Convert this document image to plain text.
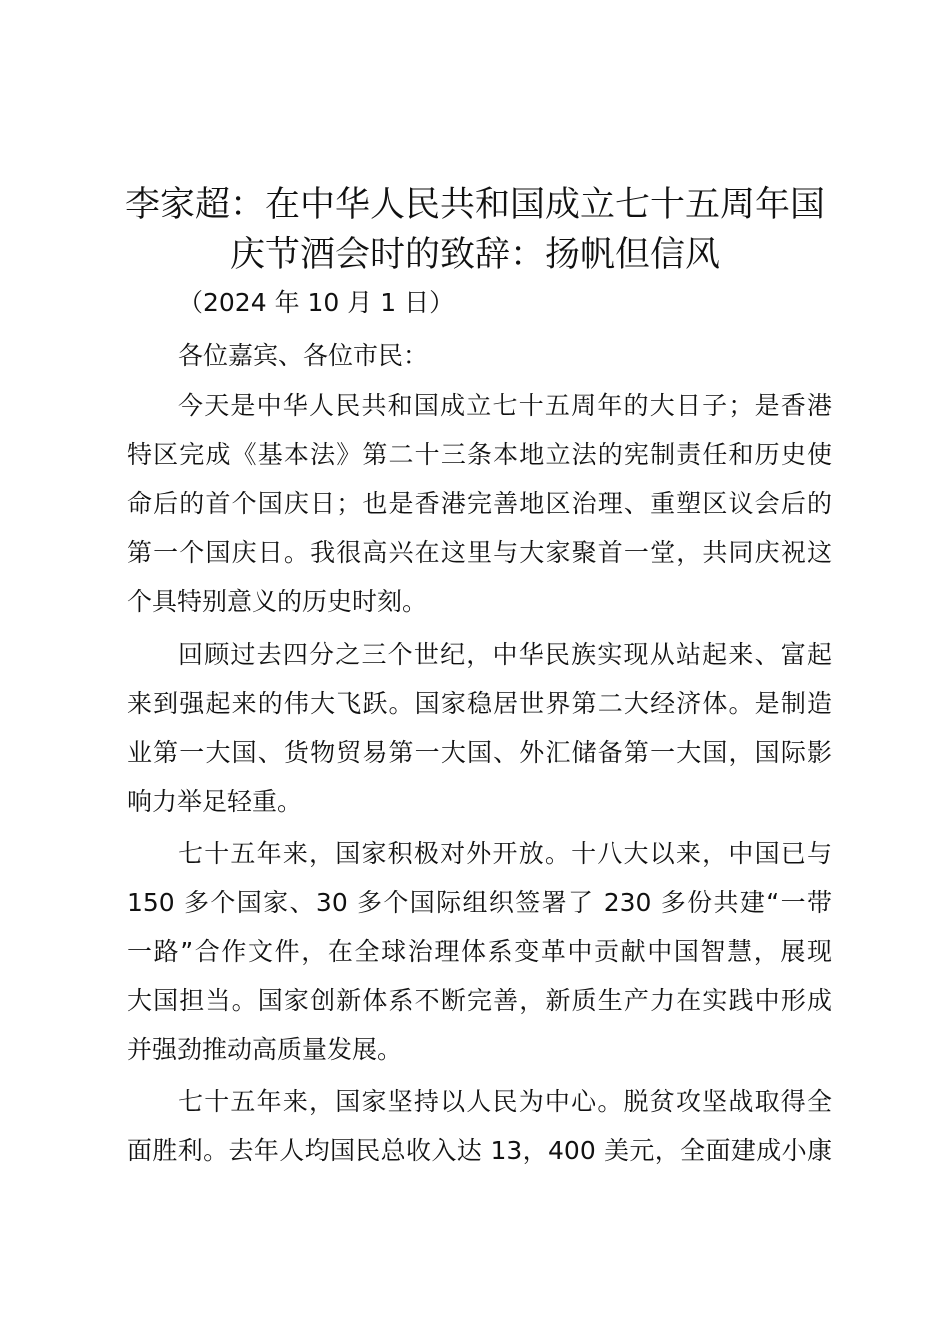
李家超：在中华人民共和国成立七十五周年国
庆节酒会时的致辞：扬帆但信风
（2024 年 10 月 1 日）
各位嘉宾、各位市民：
今天是中华人民共和国成立七十五周年的大日子；是香港
特区完成《基本法》第二十三条本地立法的宪制责任和历史使
命后的首个国庆日；也是香港完善地区治理、重塑区议会后的
第一个国庆日。我很高兴在这里与大家聚首一堂，共同庆祝这
个具特别意义的历史时刻。
回顾过去四分之三个世纪，中华民族实现从站起来、富起
来到强起来的伟大飞跃。国家稳居世界第二大经济体。是制造
业第一大国、货物贸易第一大国、外汇储备第一大国，国际影
响力举足轻重。
七十五年来，国家积极对外开放。十八大以来，中国已与
150 多个国家、30 多个国际组织签署了 230 多份共建“一带
一路”合作文件，在全球治理体系变革中贡献中国智慧，展现
大国担当。国家创新体系不断完善，新质生产力在实践中形成
并强劲推动高质量发展。
七十五年来，国家坚持以人民为中心。脱贫攻坚战取得全
面胜利。去年人均国民总收入达 13，400 美元，全面建成小康
